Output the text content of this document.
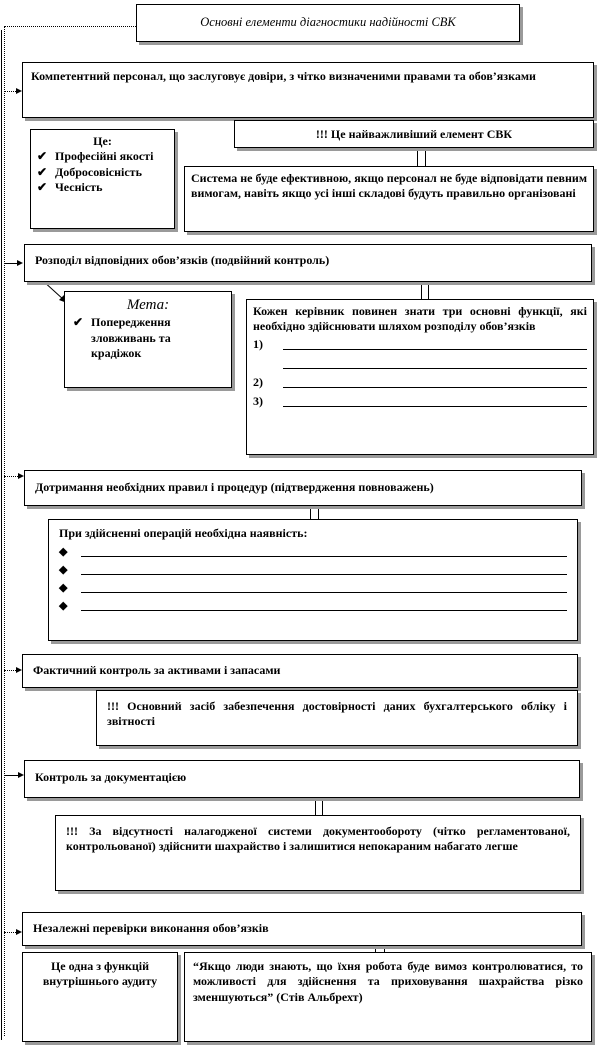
Основні елементи діагностики надійності СВК
Компетентний персонал, що заслуговує довіри, з чітко визначеними правами та обов’язками
Це:
✔ Професійні якості
✔ Добросовісність
✔ Чесність
!!! Це найважливіший елемент СВК
Система не буде ефективною, якщо персонал не буде відповідати певним вимогам, навіть якщо усі інші складові будуть правильно організовані
Розподіл відповідних обов’язків (подвійний контроль)
Мета:
✔ Попередження зловживань та крадіжок
Кожен керівник повинен знати три основні функції, які необхідно здійснювати шляхом розподілу обов’язків
1)
2)
3)
Дотримання необхідних правил і процедур (підтвердження повноважень)
При здійсненні операцій необхідна наявність:
◆
◆
◆
◆
Фактичний контроль за активами і запасами
!!! Основний засіб забезпечення достовірності даних бухгалтерського обліку і звітності
Контроль за документацією
!!! За відсутності налагодженої системи документообороту (чітко регламентованої, контрольованої) здійснити шахрайство і залишитися непокараним набагато легше
Незалежні перевірки виконання обов’язків
Це одна з функцій внутрішнього аудиту
“Якщо люди знають, що їхня робота буде вимоз контролюватися, то можливості для здійснення та приховування шахрайства різко зменшуються” (Стів Альбрехт)
